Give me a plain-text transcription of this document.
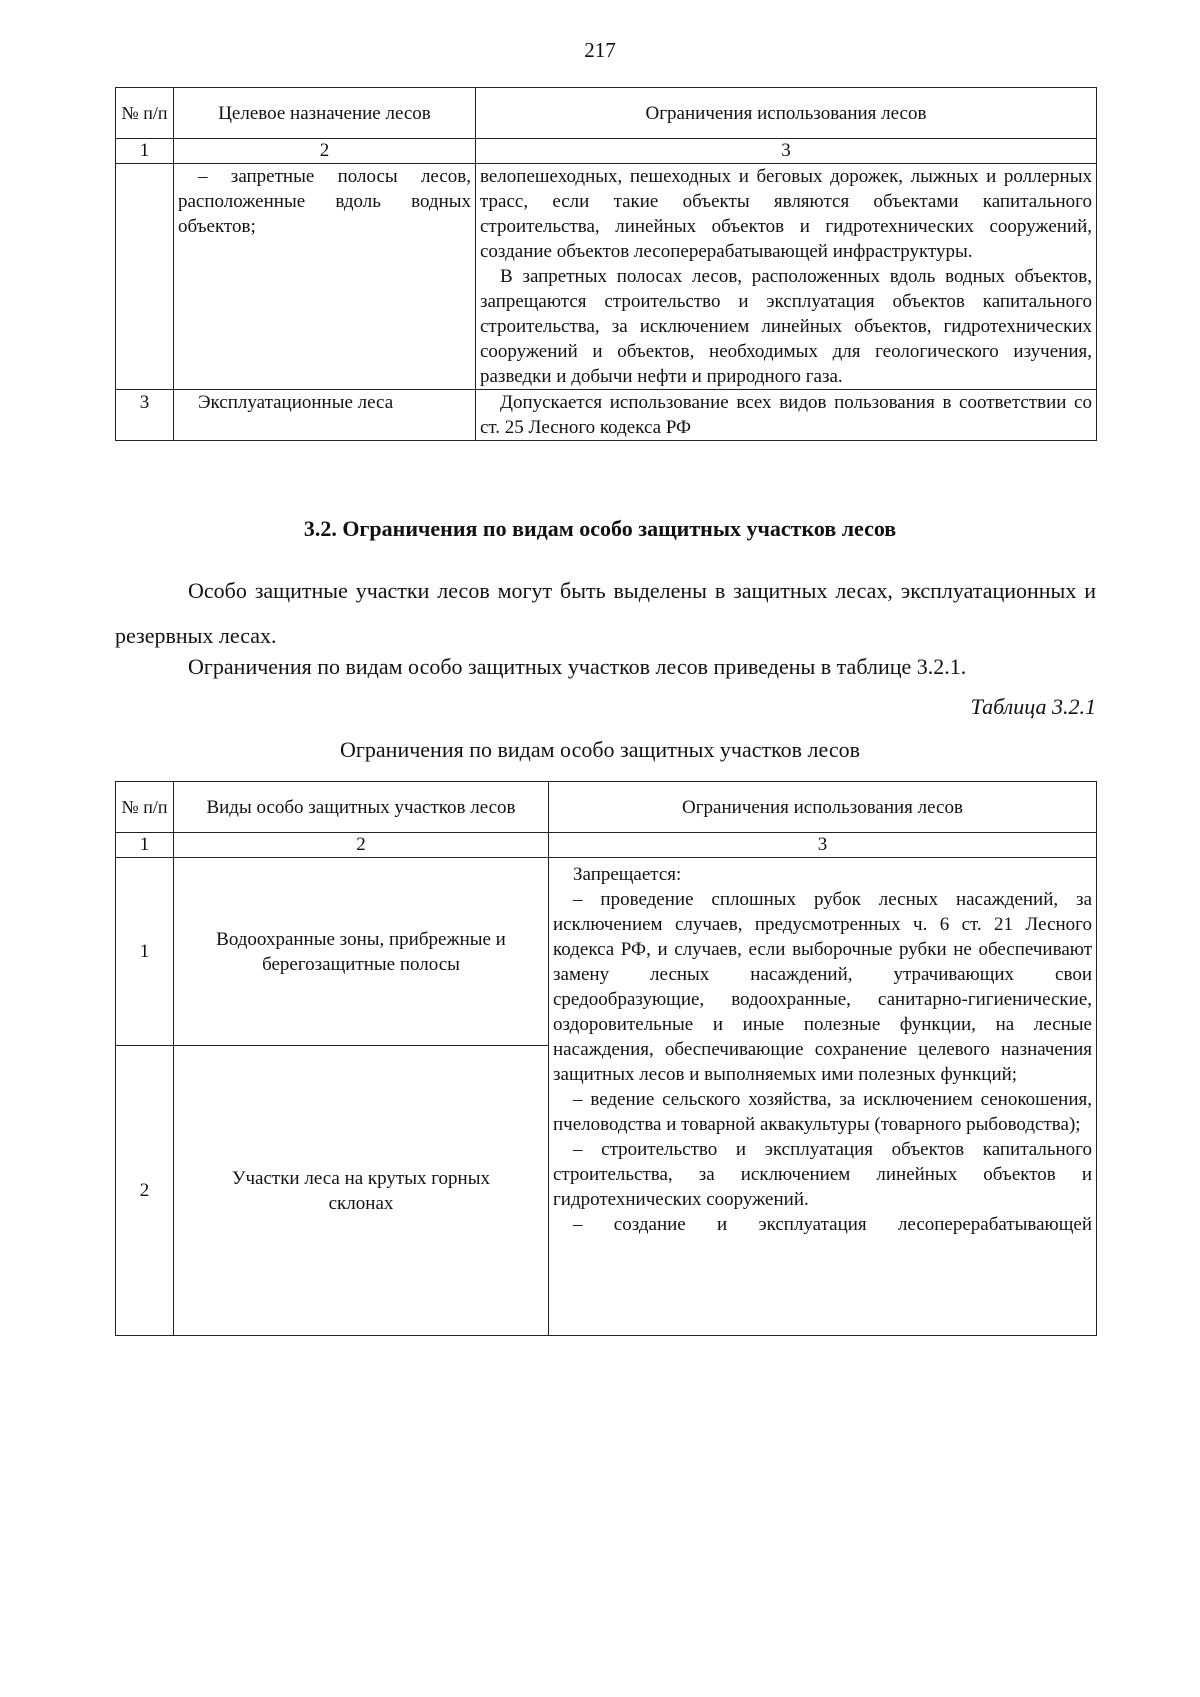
217
№ п/п	Целевое назначение лесов	Ограничения использования лесов
1	2	3
	– запретные полосы лесов, расположенные вдоль водных объектов;	велопешеходных, пешеходных и беговых дорожек, лыжных и роллерных трасс, если такие объекты являются объектами капитального строительства, линейных объектов и гидротехнических сооружений, создание объектов лесоперерабатывающей инфраструктуры.
В запретных полосах лесов, расположенных вдоль водных объектов, запрещаются строительство и эксплуатация объектов капитального строительства, за исключением линейных объектов, гидротехнических сооружений и объектов, необходимых для геологического изучения, разведки и добычи нефти и природного газа.

3	Эксплуатационные леса	Допускается использование всех видов пользования в соответствии со ст. 25 Лесного кодекса РФ
3.2. Ограничения по видам особо защитных участков лесов
Особо защитные участки лесов могут быть выделены в защитных лесах, эксплуатационных и резервных лесах.
Ограничения по видам особо защитных участков лесов приведены в таблице 3.2.1.
Таблица 3.2.1
Ограничения по видам особо защитных участков лесов
№ п/п	Виды особо защитных участков лесов	Ограничения использования лесов
1	2	3
1	Водоохранные зоны, прибрежные и берегозащитные полосы	Запрещается:
– проведение сплошных рубок лесных насаждений, за исключением случаев, предусмотренных ч. 6 ст. 21 Лесного кодекса РФ, и случаев, если выборочные рубки не обеспечивают замену лесных насаждений, утрачивающих свои средообразующие, водоохранные, санитарно-гигиенические, оздоровительные и иные полезные функции, на лесные насаждения, обеспечивающие сохранение целевого назначения защитных лесов и выполняемых ими полезных функций;
– ведение сельского хозяйства, за исключением сенокошения, пчеловодства и товарной аквакультуры (товарного рыбоводства);
– строительство и эксплуатация объектов капитального строительства, за исключением линейных объектов и гидротехнических сооружений.
– создание и эксплуатация лесоперерабатывающей

2	Участки леса на крутых горных склонах	
